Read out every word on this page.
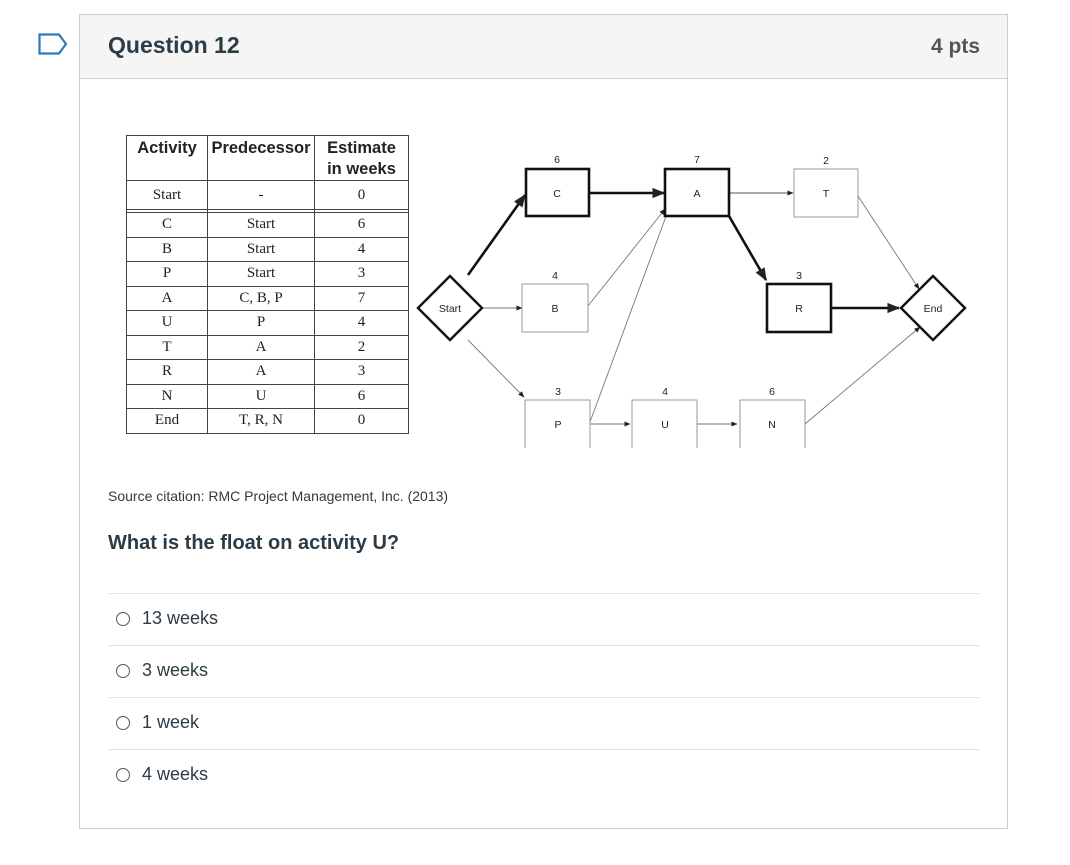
Question 12	4 pts
Activity	Predecessor	Estimate
in weeks
Start	-	0

C	Start	6
B	Start	4
P	Start	3
A	C, B, P	7
U	P	4
T	A	2
R	A	3
N	U	6
End	T, R, N	0
Start	End
6
C
7
A
2
T
4
B
3
R
3
P
4
U
6
N
Source citation: RMC Project Management, Inc. (2013)
What is the float on activity U?
13 weeks
3 weeks
1 week
4 weeks
